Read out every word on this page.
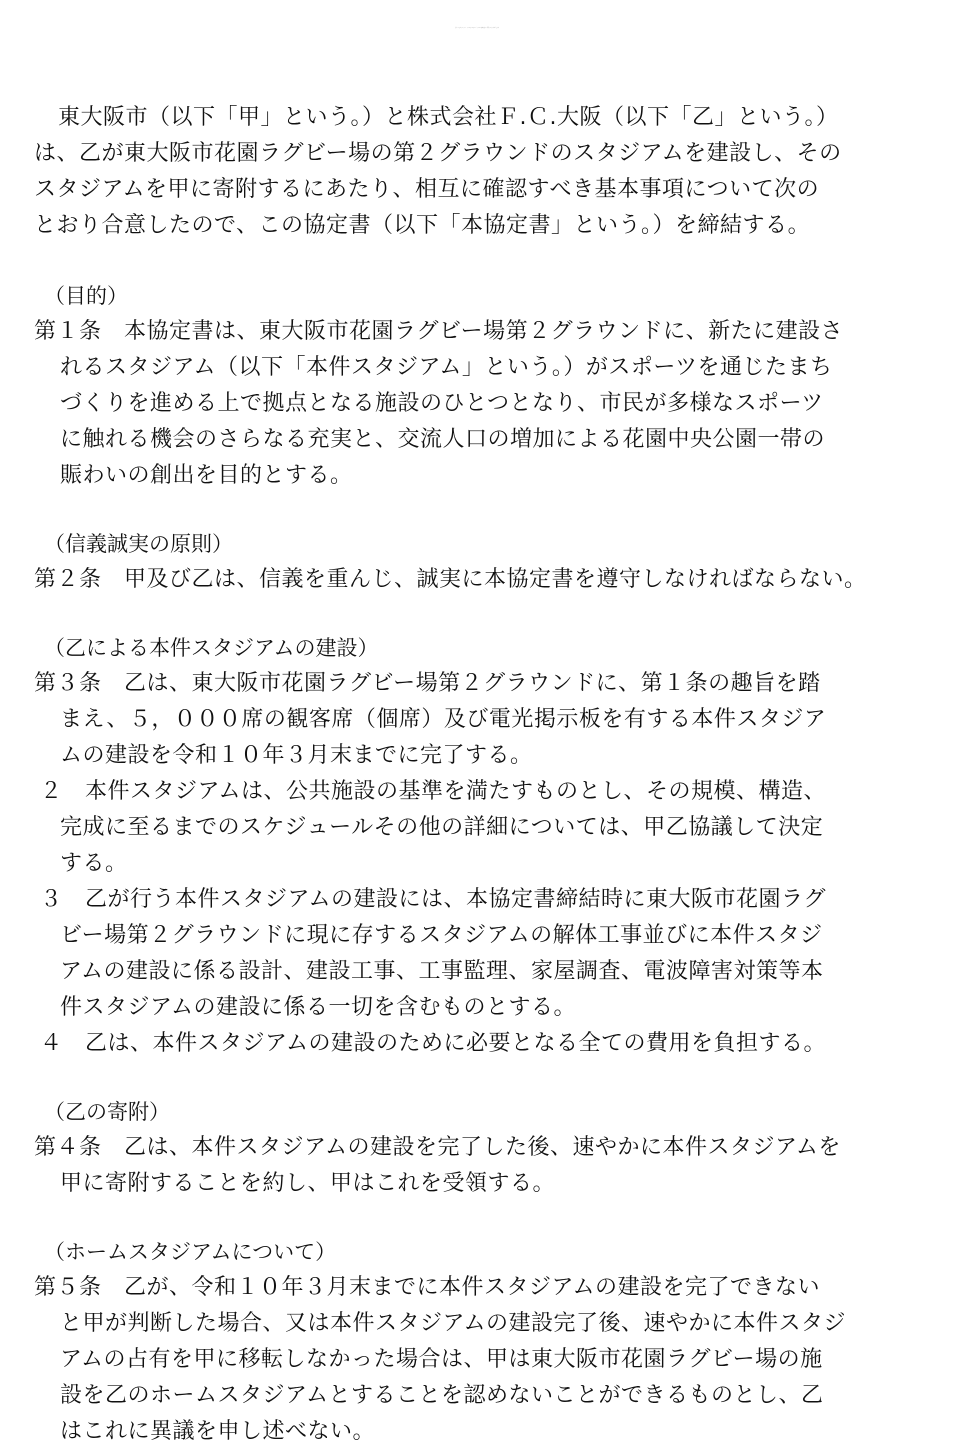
第２グラウンドのスタジアム建設に関する協定書
東大阪市（以下「甲」という。）と株式会社Ｆ.Ｃ.大阪（以下「乙」という。）
は、乙が東大阪市花園ラグビー場の第２グラウンドのスタジアムを建設し、その
スタジアムを甲に寄附するにあたり、相互に確認すべき基本事項について次の
とおり合意したので、この協定書（以下「本協定書」という。）を締結する。
（目的）
第１条　本協定書は、東大阪市花園ラグビー場第２グラウンドに、新たに建設さ
れるスタジアム（以下「本件スタジアム」という。）がスポーツを通じたまち
づくりを進める上で拠点となる施設のひとつとなり、市民が多様なスポーツ
に触れる機会のさらなる充実と、交流人口の増加による花園中央公園一帯の
賑わいの創出を目的とする。
（信義誠実の原則）
第２条　甲及び乙は、信義を重んじ、誠実に本協定書を遵守しなければならない。
（乙による本件スタジアムの建設）
第３条　乙は、東大阪市花園ラグビー場第２グラウンドに、第１条の趣旨を踏
まえ、５，０００席の観客席（個席）及び電光掲示板を有する本件スタジア
ムの建設を令和１０年３月末までに完了する。
２　本件スタジアムは、公共施設の基準を満たすものとし、その規模、構造、
完成に至るまでのスケジュールその他の詳細については、甲乙協議して決定
する。
３　乙が行う本件スタジアムの建設には、本協定書締結時に東大阪市花園ラグ
ビー場第２グラウンドに現に存するスタジアムの解体工事並びに本件スタジ
アムの建設に係る設計、建設工事、工事監理、家屋調査、電波障害対策等本
件スタジアムの建設に係る一切を含むものとする。
４　乙は、本件スタジアムの建設のために必要となる全ての費用を負担する。
（乙の寄附）
第４条　乙は、本件スタジアムの建設を完了した後、速やかに本件スタジアムを
甲に寄附することを約し、甲はこれを受領する。
（ホームスタジアムについて）
第５条　乙が、令和１０年３月末までに本件スタジアムの建設を完了できない
と甲が判断した場合、又は本件スタジアムの建設完了後、速やかに本件スタジ
アムの占有を甲に移転しなかった場合は、甲は東大阪市花園ラグビー場の施
設を乙のホームスタジアムとすることを認めないことができるものとし、乙
はこれに異議を申し述べない。
